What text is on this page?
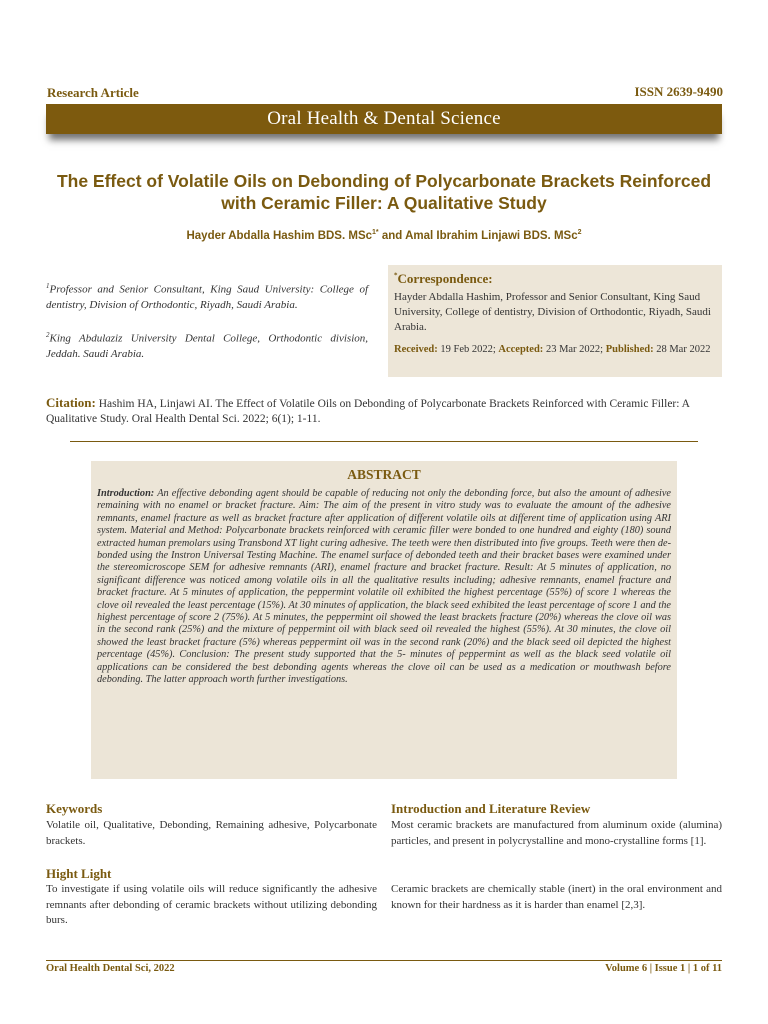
Research Article	ISSN 2639-9490
Oral Health & Dental Science
The Effect of Volatile Oils on Debonding of Polycarbonate Brackets Reinforced with Ceramic Filler: A Qualitative Study
Hayder Abdalla Hashim BDS. MSc$^{1*}$ and Amal Ibrahim Linjawi BDS. MSc$^2$
$^1$Professor and Senior Consultant, King Saud University: College of dentistry, Division of Orthodontic, Riyadh, Saudi Arabia.
$^2$King Abdulaziz University Dental College, Orthodontic division, Jeddah. Saudi Arabia.
*Correspondence:
Hayder Abdalla Hashim, Professor and Senior Consultant, King Saud University, College of dentistry, Division of Orthodontic, Riyadh, Saudi Arabia.
Received: 19 Feb 2022; Accepted: 23 Mar 2022; Published: 28 Mar 2022
Citation: Hashim HA, Linjawi AI. The Effect of Volatile Oils on Debonding of Polycarbonate Brackets Reinforced with Ceramic Filler: A Qualitative Study. Oral Health Dental Sci. 2022; 6(1); 1-11.
ABSTRACT
Introduction: An effective debonding agent should be capable of reducing not only the debonding force, but also the amount of adhesive remaining with no enamel or bracket fracture. Aim: The aim of the present in vitro study was to evaluate the amount of the adhesive remnants, enamel fracture as well as bracket fracture after application of different volatile oils at different time of application using ARI system. Material and Method: Polycarbonate brackets reinforced with ceramic filler were bonded to one hundred and eighty (180) sound extracted human premolars using Transbond XT light curing adhesive. The teeth were then distributed into five groups. Teeth were then de-bonded using the Instron Universal Testing Machine. The enamel surface of debonded teeth and their bracket bases were examined under the stereomicroscope SEM for adhesive remnants (ARI), enamel fracture and bracket fracture. Result: At 5 minutes of application, no significant difference was noticed among volatile oils in all the qualitative results including; adhesive remnants, enamel fracture and bracket fracture. At 5 minutes of application, the peppermint volatile oil exhibited the highest percentage (55%) of score 1 whereas the clove oil revealed the least percentage (15%). At 30 minutes of application, the black seed exhibited the least percentage of score 1 and the highest percentage of score 2 (75%). At 5 minutes, the peppermint oil showed the least brackets fracture (20%) whereas the clove oil was in the second rank (25%) and the mixture of peppermint oil with black seed oil revealed the highest (55%). At 30 minutes, the clove oil showed the least bracket fracture (5%) whereas peppermint oil was in the second rank (20%) and the black seed oil depicted the highest percentage (45%). Conclusion: The present study supported that the 5- minutes of peppermint as well as the black seed volatile oil applications can be considered the best debonding agents whereas the clove oil can be used as a medication or mouthwash before debonding. The latter approach worth further investigations.
Keywords
Volatile oil, Qualitative, Debonding, Remaining adhesive, Polycarbonate brackets.
Hight Light
To investigate if using volatile oils will reduce significantly the adhesive remnants after debonding of ceramic brackets without utilizing debonding burs.
Introduction and Literature Review
Most ceramic brackets are manufactured from aluminum oxide (alumina) particles, and present in polycrystalline and mono-crystalline forms [1].
Ceramic brackets are chemically stable (inert) in the oral environment and known for their hardness as it is harder than enamel [2,3].
Oral Health Dental Sci, 2022	Volume 6 | Issue 1 | 1 of 11
